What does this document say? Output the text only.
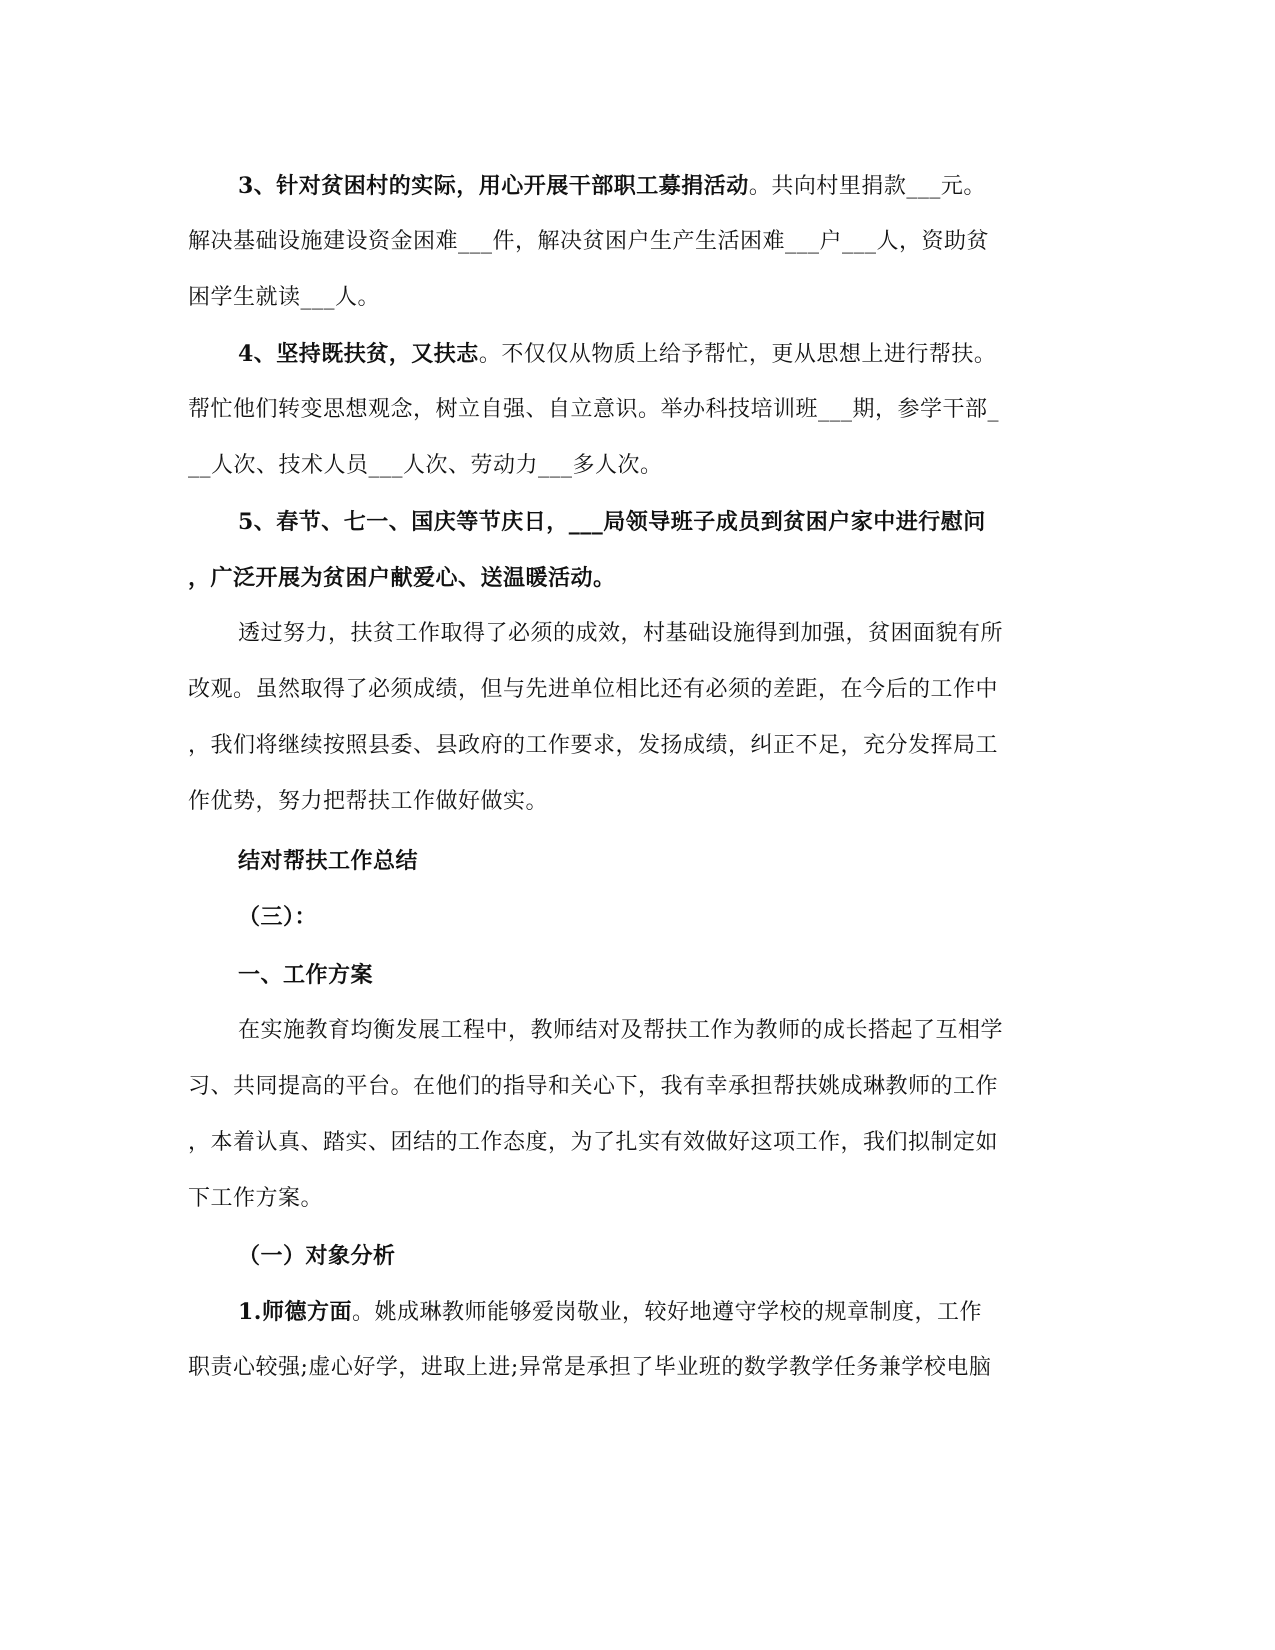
3、针对贫困村的实际，用心开展干部职工募捐活动。共向村里捐款___元。
解决基础设施建设资金困难___件，解决贫困户生产生活困难___户___人，资助贫
困学生就读___人。
4、坚持既扶贫，又扶志。不仅仅从物质上给予帮忙，更从思想上进行帮扶。
帮忙他们转变思想观念，树立自强、自立意识。举办科技培训班___期，参学干部_
__人次、技术人员___人次、劳动力___多人次。
5、春节、七一、国庆等节庆日，___局领导班子成员到贫困户家中进行慰问
，广泛开展为贫困户献爱心、送温暖活动。
透过努力，扶贫工作取得了必须的成效，村基础设施得到加强，贫困面貌有所
改观。虽然取得了必须成绩，但与先进单位相比还有必须的差距，在今后的工作中
，我们将继续按照县委、县政府的工作要求，发扬成绩，纠正不足，充分发挥局工
作优势，努力把帮扶工作做好做实。
结对帮扶工作总结
（三）：
一、工作方案
在实施教育均衡发展工程中，教师结对及帮扶工作为教师的成长搭起了互相学
习、共同提高的平台。在他们的指导和关心下，我有幸承担帮扶姚成琳教师的工作
，本着认真、踏实、团结的工作态度，为了扎实有效做好这项工作，我们拟制定如
下工作方案。
（一）对象分析
1.师德方面。姚成琳教师能够爱岗敬业，较好地遵守学校的规章制度，工作
职责心较强;虚心好学，进取上进;异常是承担了毕业班的数学教学任务兼学校电脑
